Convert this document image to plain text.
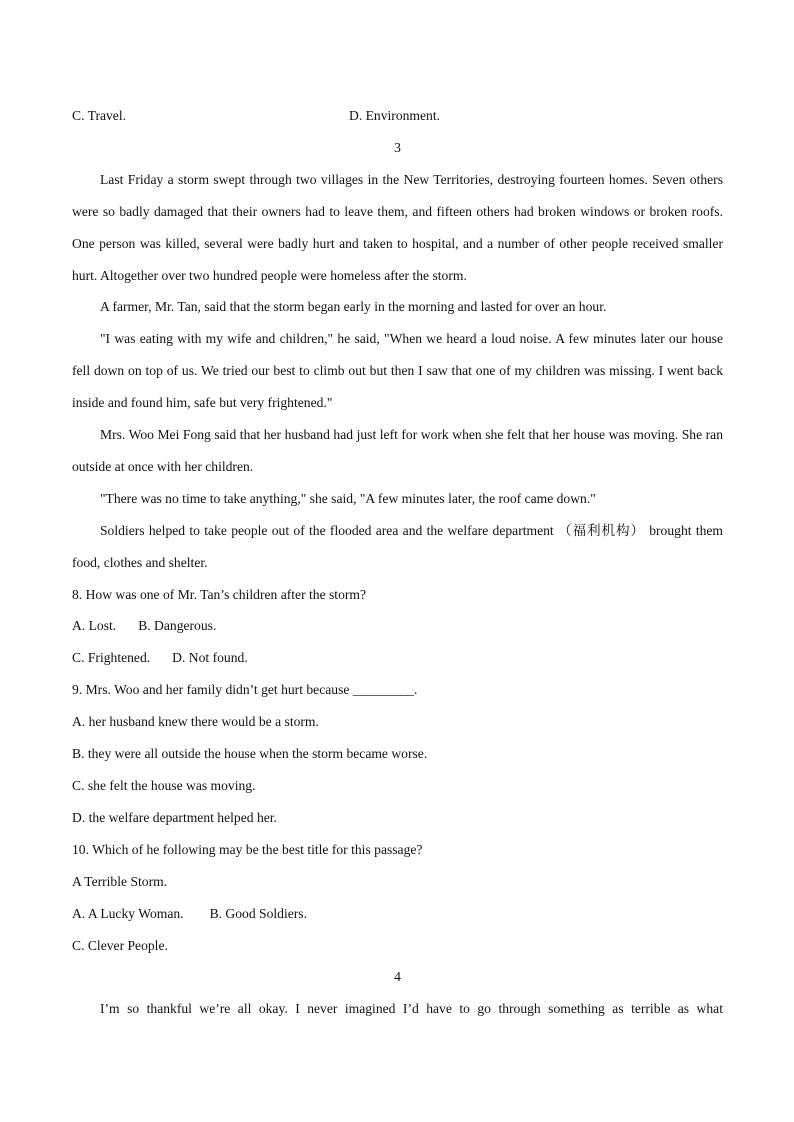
C. Travel.	D. Environment.
3
Last Friday a storm swept through two villages in the New Territories, destroying fourteen homes. Seven others were so badly damaged that their owners had to leave them, and fifteen others had broken windows or broken roofs. One person was killed, several were badly hurt and taken to hospital, and a number of other people received smaller hurt. Altogether over two hundred people were homeless after the storm.
A farmer, Mr. Tan, said that the storm began early in the morning and lasted for over an hour.
"I was eating with my wife and children," he said, "When we heard a loud noise. A few minutes later our house fell down on top of us. We tried our best to climb out but then I saw that one of my children was missing. I went back inside and found him, safe but very frightened."
Mrs. Woo Mei Fong said that her husband had just left for work when she felt that her house was moving. She ran outside at once with her children.
"There was no time to take anything," she said, "A few minutes later, the roof came down."
Soldiers helped to take people out of the flooded area and the welfare department （福利机构） brought them food, clothes and shelter.
8. How was one of Mr. Tan’s children after the storm?
A. Lost. B. Dangerous.
C. Frightened. D. Not found.
9. Mrs. Woo and her family didn’t get hurt because _________.
A. her husband knew there would be a storm.
B. they were all outside the house when the storm became worse.
C. she felt the house was moving.
D. the welfare department helped her.
10. Which of he following may be the best title for this passage?
A Terrible Storm.
A. A Lucky Woman. B. Good Soldiers.
C. Clever People.
4
I’m so thankful we’re all okay. I never imagined I’d have to go through something as terrible as what
